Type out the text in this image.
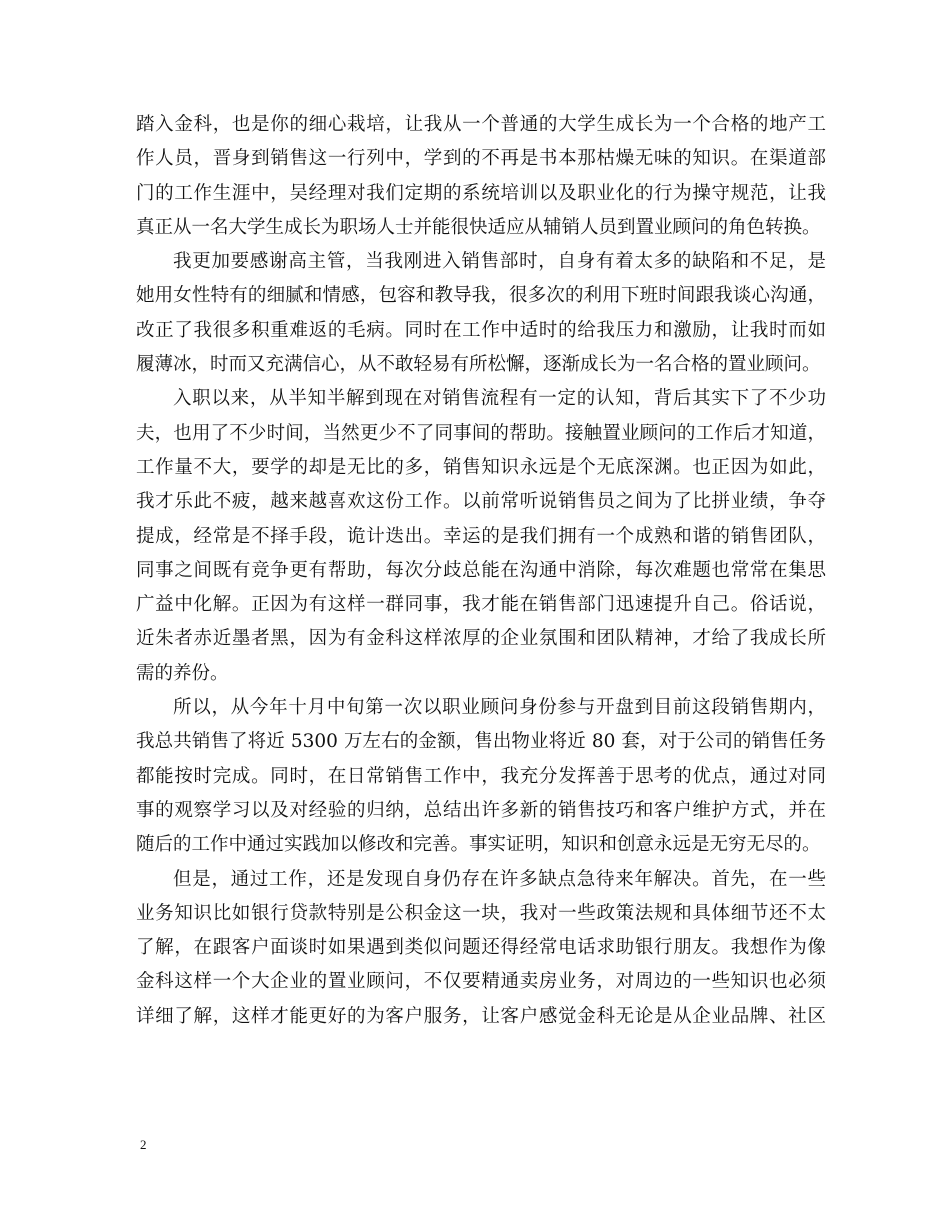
踏入金科，也是你的细心栽培，让我从一个普通的大学生成长为一个合格的地产工
作人员，晋身到销售这一行列中，学到的不再是书本那枯燥无味的知识。在渠道部
门的工作生涯中，吴经理对我们定期的系统培训以及职业化的行为操守规范，让我
真正从一名大学生成长为职场人士并能很快适应从辅销人员到置业顾问的角色转换。
我更加要感谢高主管，当我刚进入销售部时，自身有着太多的缺陷和不足，是
她用女性特有的细腻和情感，包容和教导我，很多次的利用下班时间跟我谈心沟通，
改正了我很多积重难返的毛病。同时在工作中适时的给我压力和激励，让我时而如
履薄冰，时而又充满信心，从不敢轻易有所松懈，逐渐成长为一名合格的置业顾问。
入职以来，从半知半解到现在对销售流程有一定的认知，背后其实下了不少功
夫，也用了不少时间，当然更少不了同事间的帮助。接触置业顾问的工作后才知道，
工作量不大，要学的却是无比的多，销售知识永远是个无底深渊。也正因为如此，
我才乐此不疲，越来越喜欢这份工作。以前常听说销售员之间为了比拼业绩，争夺
提成，经常是不择手段，诡计迭出。幸运的是我们拥有一个成熟和谐的销售团队，
同事之间既有竞争更有帮助，每次分歧总能在沟通中消除，每次难题也常常在集思
广益中化解。正因为有这样一群同事，我才能在销售部门迅速提升自己。俗话说，
近朱者赤近墨者黑，因为有金科这样浓厚的企业氛围和团队精神，才给了我成长所
需的养份。
所以，从今年十月中旬第一次以职业顾问身份参与开盘到目前这段销售期内，
我总共销售了将近 5300 万左右的金额，售出物业将近 80 套，对于公司的销售任务
都能按时完成。同时，在日常销售工作中，我充分发挥善于思考的优点，通过对同
事的观察学习以及对经验的归纳，总结出许多新的销售技巧和客户维护方式，并在
随后的工作中通过实践加以修改和完善。事实证明，知识和创意永远是无穷无尽的。
但是，通过工作，还是发现自身仍存在许多缺点急待来年解决。首先，在一些
业务知识比如银行贷款特别是公积金这一块，我对一些政策法规和具体细节还不太
了解，在跟客户面谈时如果遇到类似问题还得经常电话求助银行朋友。我想作为像
金科这样一个大企业的置业顾问，不仅要精通卖房业务，对周边的一些知识也必须
详细了解，这样才能更好的为客户服务，让客户感觉金科无论是从企业品牌、社区
2
